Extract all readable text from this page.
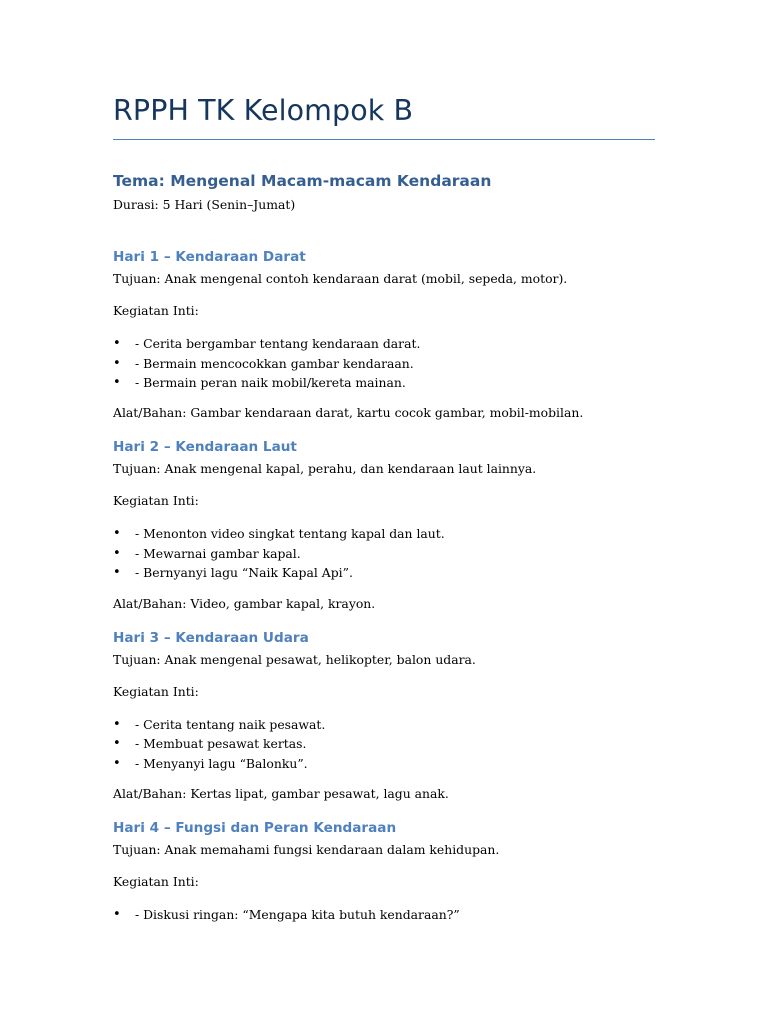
RPPH TK Kelompok B
Tema: Mengenal Macam-macam Kendaraan
Durasi: 5 Hari (Senin–Jumat)
Hari 1 – Kendaraan Darat
Tujuan: Anak mengenal contoh kendaraan darat (mobil, sepeda, motor).
Kegiatan Inti:
• - Cerita bergambar tentang kendaraan darat.
• - Bermain mencocokkan gambar kendaraan.
• - Bermain peran naik mobil/kereta mainan.
Alat/Bahan: Gambar kendaraan darat, kartu cocok gambar, mobil-mobilan.
Hari 2 – Kendaraan Laut
Tujuan: Anak mengenal kapal, perahu, dan kendaraan laut lainnya.
Kegiatan Inti:
• - Menonton video singkat tentang kapal dan laut.
• - Mewarnai gambar kapal.
• - Bernyanyi lagu “Naik Kapal Api”.
Alat/Bahan: Video, gambar kapal, krayon.
Hari 3 – Kendaraan Udara
Tujuan: Anak mengenal pesawat, helikopter, balon udara.
Kegiatan Inti:
• - Cerita tentang naik pesawat.
• - Membuat pesawat kertas.
• - Menyanyi lagu “Balonku”.
Alat/Bahan: Kertas lipat, gambar pesawat, lagu anak.
Hari 4 – Fungsi dan Peran Kendaraan
Tujuan: Anak memahami fungsi kendaraan dalam kehidupan.
Kegiatan Inti:
• - Diskusi ringan: “Mengapa kita butuh kendaraan?”
